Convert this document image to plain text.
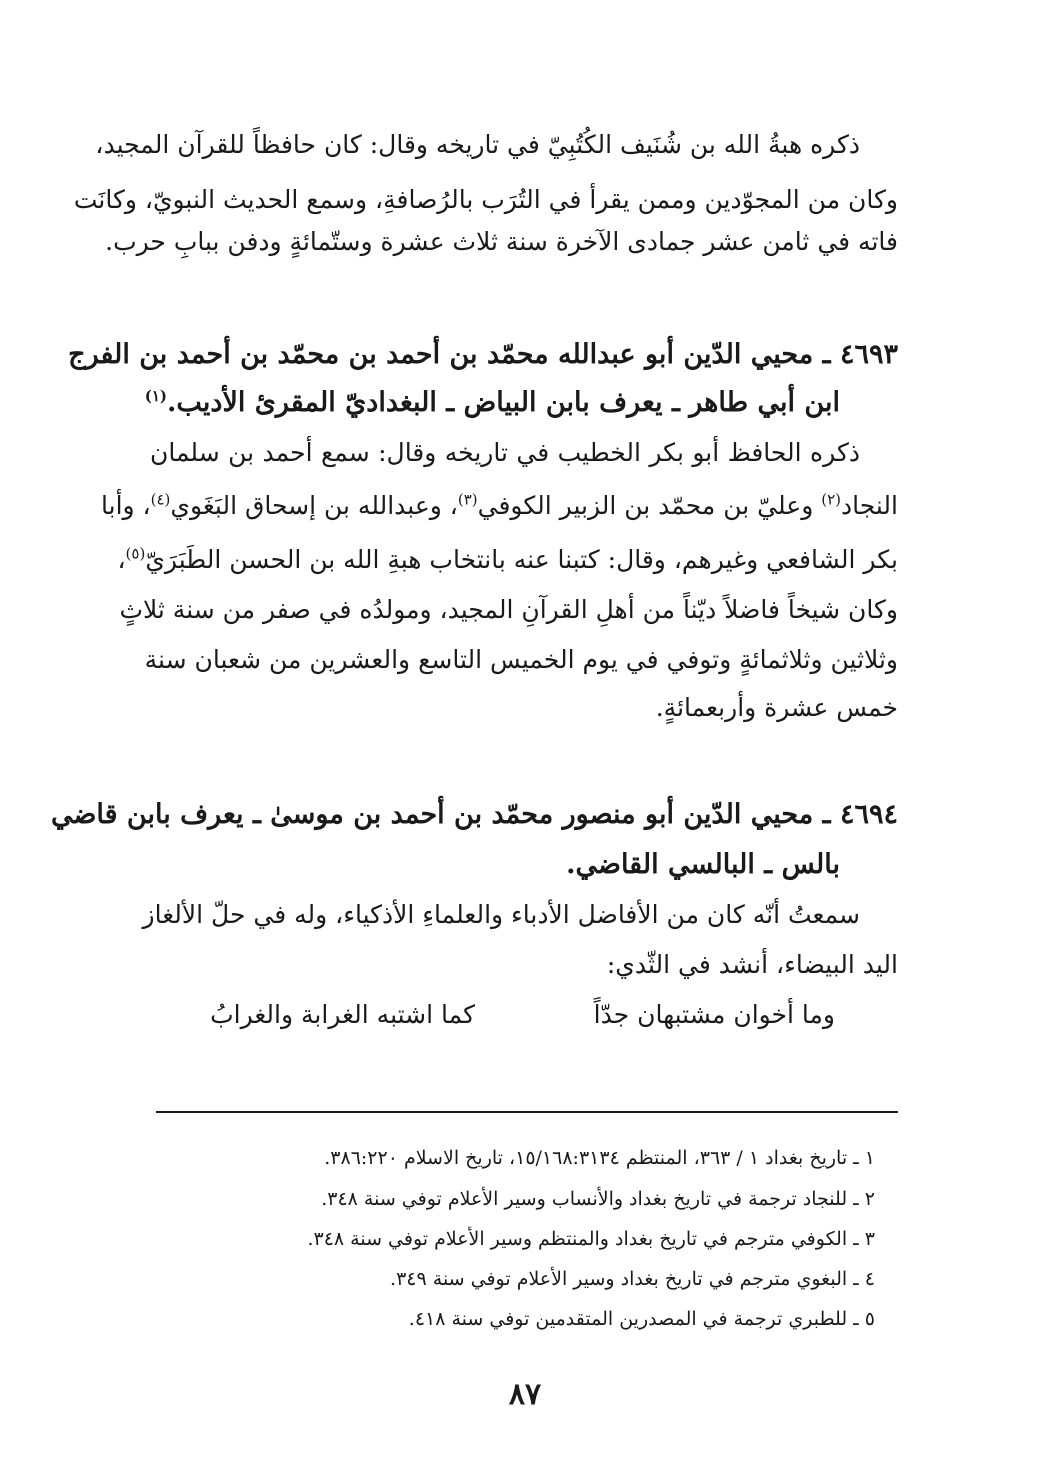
ذكره هبةُ الله بن شُنَيف الكُتُبِيّ في تاريخه وقال: كان حافظاً للقرآن المجيد،
وكان من المجوّدين وممن يقرأ في التُرَب بالرُصافةِ، وسمع الحديث النبويّ، وكانَت
فاته في ثامن عشر جمادى الآخرة سنة ثلاث عشرة وستّمائةٍ ودفن ببابِ حرب.
٤٦٩٣ ـ محيي الدّين أبو عبدالله محمّد بن أحمد بن محمّد بن أحمد بن الفرج
ابن أبي طاهر ـ يعرف بابن البياض ـ البغداديّ المقرئ الأديب.$^{(١)}$
ذكره الحافظ أبو بكر الخطيب في تاريخه وقال: سمع أحمد بن سلمان
النجاد$^{(٢)}$ وعليّ بن محمّد بن الزبير الكوفي$^{(٣)}$، وعبدالله بن إسحاق البَغَوي$^{(٤)}$، وأبا
بكر الشافعي وغيرهم، وقال: كتبنا عنه بانتخاب هبةِ الله بن الحسن الطَبَرَيّ$^{(٥)}$،
وكان شيخاً فاضلاً ديّناً من أهلِ القرآنِ المجيد، ومولدُه في صفر من سنة ثلاثٍ
وثلاثين وثلاثمائةٍ وتوفي في يوم الخميس التاسع والعشرين من شعبان سنة
خمس عشرة وأربعمائةٍ.
٤٦٩٤ ـ محيي الدّين أبو منصور محمّد بن أحمد بن موسىٰ ـ يعرف بابن قاضي
بالس ـ البالسي القاضي.
سمعتُ أنّه كان من الأفاضل الأدباء والعلماءِ الأذكياء، وله في حلّ الألغاز
اليد البيضاء، أنشد في الثّدي:
وما أخوان مشتبهان جدّاً
كما اشتبه الغرابة والغرابُ
١ ـ تاريخ بغداد ١ / ٣٦٣، المنتظم ١٥/١٦٨:٣١٣٤، تاريخ الاسلام ٣٨٦:٢٢٠.
٢ ـ للنجاد ترجمة في تاريخ بغداد والأنساب وسير الأعلام توفي سنة ٣٤٨.
٣ ـ الكوفي مترجم في تاريخ بغداد والمنتظم وسير الأعلام توفي سنة ٣٤٨.
٤ ـ البغوي مترجم في تاريخ بغداد وسير الأعلام توفي سنة ٣٤٩.
٥ ـ للطبري ترجمة في المصدرين المتقدمين توفي سنة ٤١٨.
٨٧
